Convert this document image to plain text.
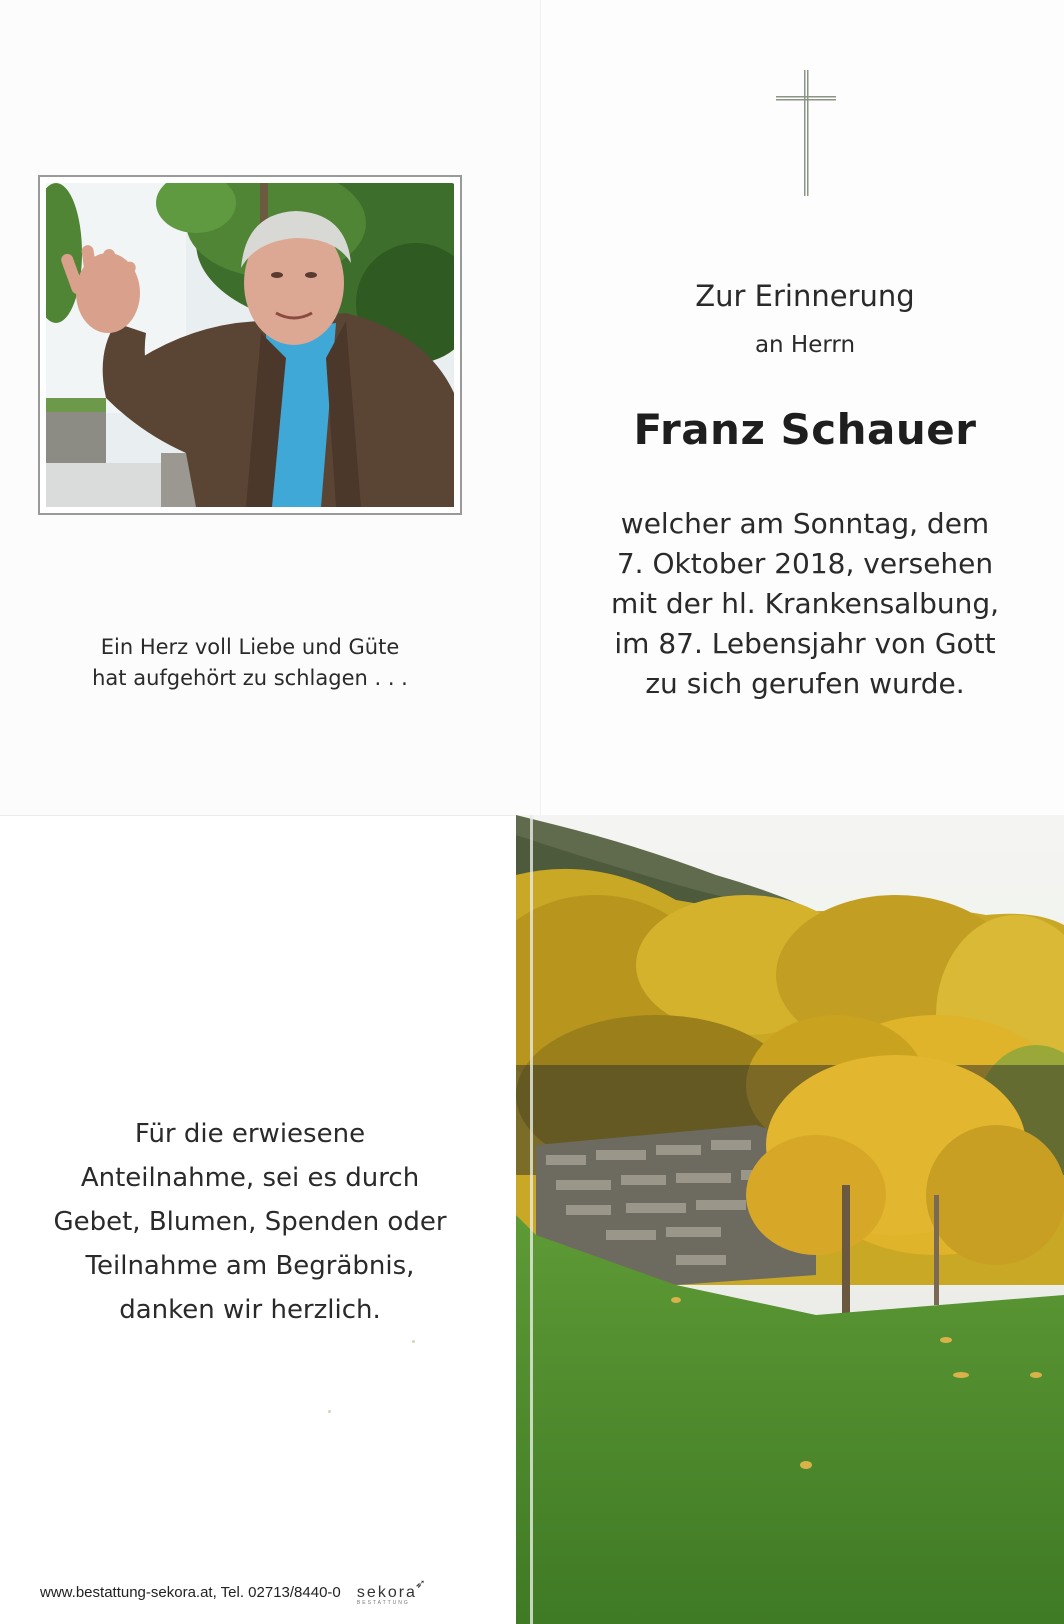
Ein Herz voll Liebe und Güte
hat aufgehört zu schlagen . . .
Zur Erinnerung
an Herrn
Franz Schauer
welcher am Sonntag, dem
7. Oktober 2018, versehen
mit der hl. Krankensalbung,
im 87. Lebensjahr von Gott
zu sich gerufen wurde.
Für die erwiesene
Anteilnahme, sei es durch
Gebet, Blumen, Spenden oder
Teilnahme am Begräbnis,
danken wir herzlich.
www.bestattung-sekora.at, Tel. 02713/8440-0 sekora
➶
BESTATTUNG
